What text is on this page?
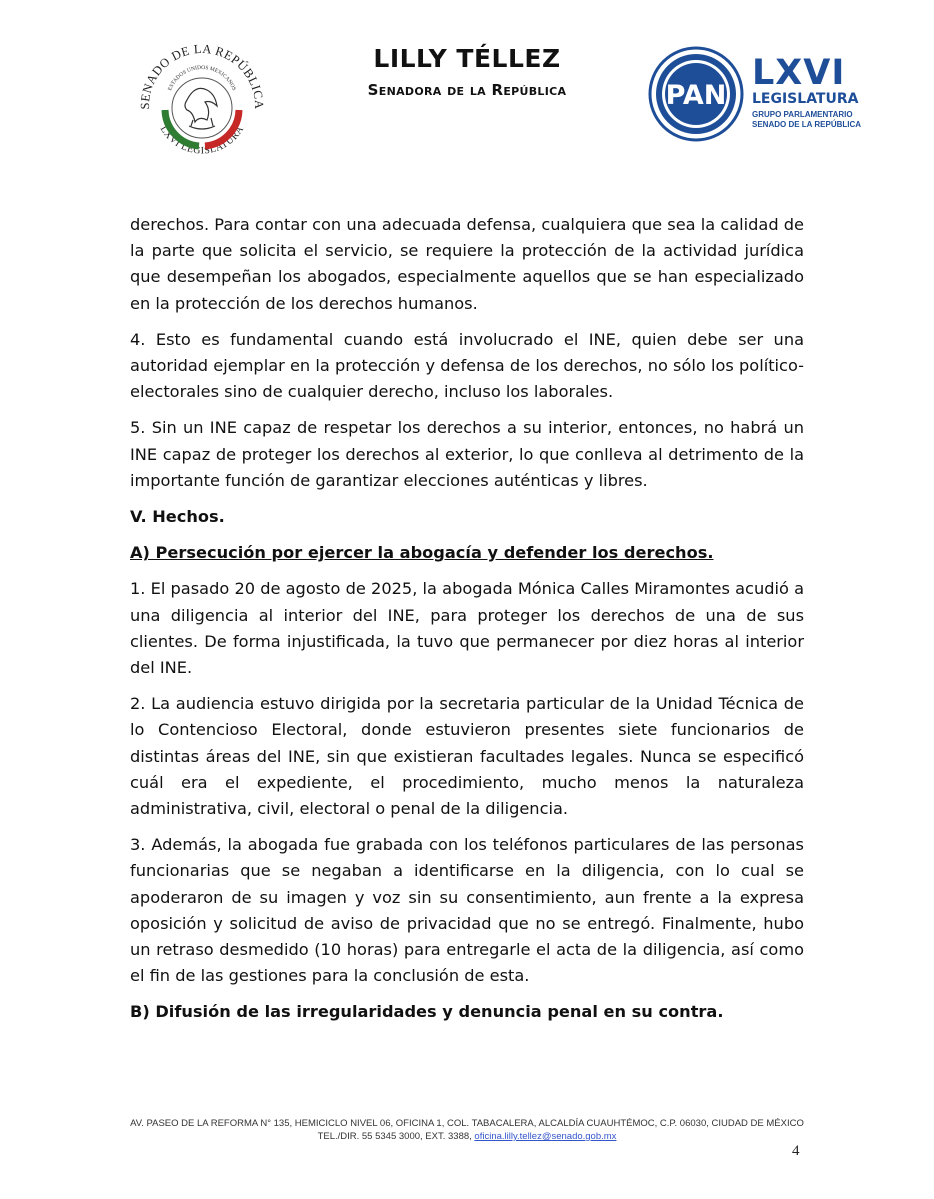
SENADO DE LA REPÚBLICA
LXVI LEGISLATURA
ESTADOS UNIDOS MEXICANOS
LILLY TÉLLEZ
Senadora de la República	PAN
LXVI
LEGISLATURA
GRUPO PARLAMENTARIO
SENADO DE LA REPÚBLICA

derechos. Para contar con una adecuada defensa, cualquiera que sea la calidad de la parte que solicita el servicio, se requiere la protección de la actividad jurídica que desempeñan los abogados, especialmente aquellos que se han especializado en la protección de los derechos humanos.

4. Esto es fundamental cuando está involucrado el INE, quien debe ser una autoridad ejemplar en la protección y defensa de los derechos, no sólo los político-electorales sino de cualquier derecho, incluso los laborales.

5. Sin un INE capaz de respetar los derechos a su interior, entonces, no habrá un INE capaz de proteger los derechos al exterior, lo que conlleva al detrimento de la importante función de garantizar elecciones auténticas y libres.

V. Hechos.
A) Persecución por ejercer la abogacía y defender los derechos.

1. El pasado 20 de agosto de 2025, la abogada Mónica Calles Miramontes acudió a una diligencia al interior del INE, para proteger los derechos de una de sus clientes. De forma injustificada, la tuvo que permanecer por diez horas al interior del INE.

2. La audiencia estuvo dirigida por la secretaria particular de la Unidad Técnica de lo Contencioso Electoral, donde estuvieron presentes siete funcionarios de distintas áreas del INE, sin que existieran facultades legales. Nunca se especificó cuál era el expediente, el procedimiento, mucho menos la naturaleza administrativa, civil, electoral o penal de la diligencia.

3. Además, la abogada fue grabada con los teléfonos particulares de las personas funcionarias que se negaban a identificarse en la diligencia, con lo cual se apoderaron de su imagen y voz sin su consentimiento, aun frente a la expresa oposición y solicitud de aviso de privacidad que no se entregó. Finalmente, hubo un retraso desmedido (10 horas) para entregarle el acta de la diligencia, así como el fin de las gestiones para la conclusión de esta.

B) Difusión de las irregularidades y denuncia penal en su contra.
AV. PASEO DE LA REFORMA N° 135, HEMICICLO NIVEL 06, OFICINA 1, COL. TABACALERA, ALCALDÍA CUAUHTÉMOC, C.P. 06030, CIUDAD DE MÉXICO
TEL./DIR. 55 5345 3000, EXT. 3388, oficina.lilly.tellez@senado.gob.mx
4
